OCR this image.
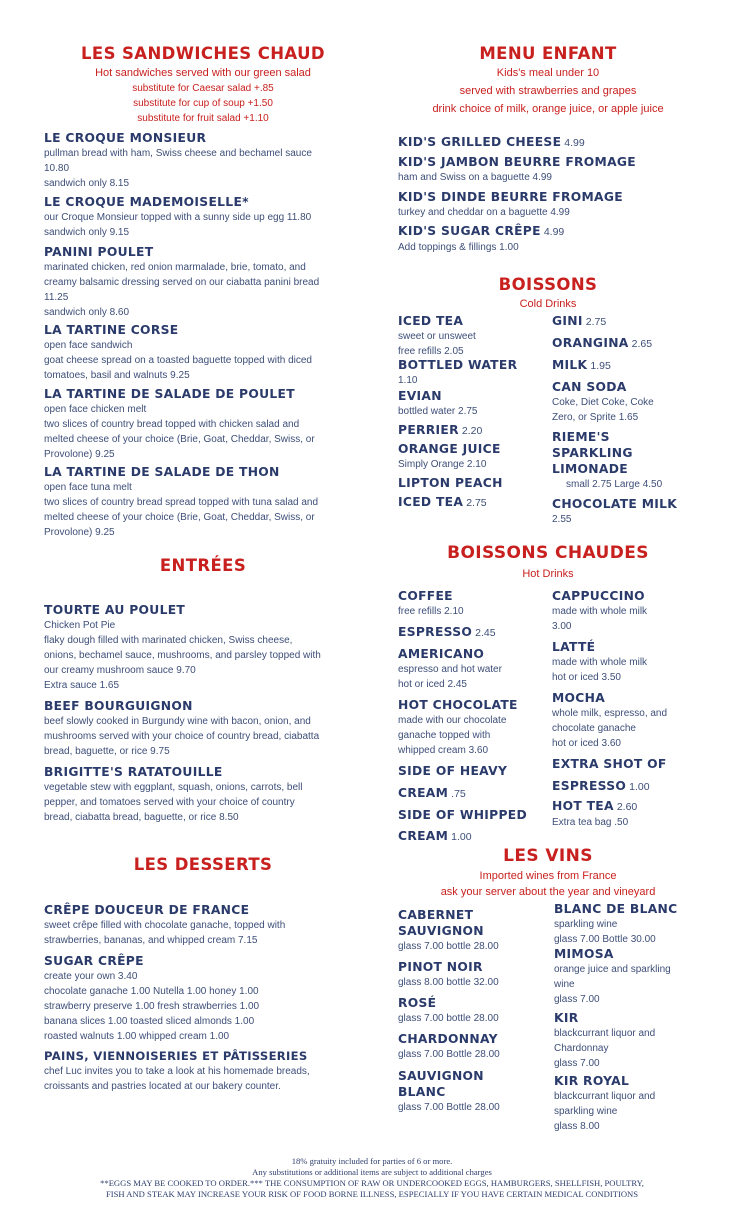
LES SANDWICHES CHAUD
Hot sandwiches served with our green salad
substitute for Caesar salad +.85
substitute for cup of soup +1.50
substitute for fruit salad +1.10
LE CROQUE MONSIEUR
pullman bread with ham, Swiss cheese and bechamel sauce
10.80
sandwich only 8.15
LE CROQUE MADEMOISELLE*
our Croque Monsieur topped with a sunny side up egg 11.80
sandwich only 9.15
PANINI POULET
marinated chicken, red onion marmalade, brie, tomato, and
creamy balsamic dressing served on our ciabatta panini bread
11.25
sandwich only 8.60
LA TARTINE CORSE
open face sandwich
goat cheese spread on a toasted baguette topped with diced
tomatoes, basil and walnuts 9.25
LA TARTINE DE SALADE DE POULET
open face chicken melt
two slices of country bread topped with chicken salad and
melted cheese of your choice (Brie, Goat, Cheddar, Swiss, or
Provolone) 9.25
LA TARTINE DE SALADE DE THON
open face tuna melt
two slices of country bread spread topped with tuna salad and
melted cheese of your choice (Brie, Goat, Cheddar, Swiss, or
Provolone) 9.25
ENTRÉES
TOURTE AU POULET
Chicken Pot Pie
flaky dough filled with marinated chicken, Swiss cheese,
onions, bechamel sauce, mushrooms, and parsley topped with
our creamy mushroom sauce 9.70
Extra sauce 1.65
BEEF BOURGUIGNON
beef slowly cooked in Burgundy wine with bacon, onion, and
mushrooms served with your choice of country bread, ciabatta
bread, baguette, or rice 9.75
BRIGITTE'S RATATOUILLE
vegetable stew with eggplant, squash, onions, carrots, bell
pepper, and tomatoes served with your choice of country
bread, ciabatta bread, baguette, or rice 8.50
LES DESSERTS
CRÊPE DOUCEUR DE FRANCE
sweet crêpe filled with chocolate ganache, topped with
strawberries, bananas, and whipped cream 7.15
SUGAR CRÊPE
create your own 3.40
chocolate ganache 1.00 Nutella 1.00 honey 1.00
strawberry preserve 1.00 fresh strawberries 1.00
banana slices 1.00 toasted sliced almonds 1.00
roasted walnuts 1.00 whipped cream 1.00
PAINS, VIENNOISERIES ET PÂTISSERIES
chef Luc invites you to take a look at his homemade breads,
croissants and pastries located at our bakery counter.
MENU ENFANT
Kids's meal under 10
served with strawberries and grapes
drink choice of milk, orange juice, or apple juice
KID'S GRILLED CHEESE 4.99
KID'S JAMBON BEURRE FROMAGE
ham and Swiss on a baguette 4.99
KID'S DINDE BEURRE FROMAGE
turkey and cheddar on a baguette 4.99
KID'S SUGAR CRÊPE 4.99
Add toppings & fillings 1.00
BOISSONS
Cold Drinks
ICED TEA
sweet or unsweet
free refills 2.05
BOTTLED WATER
1.10
EVIAN
bottled water 2.75
PERRIER 2.20
ORANGE JUICE
Simply Orange 2.10
LIPTON PEACH
ICED TEA 2.75
GINI 2.75
ORANGINA 2.65
MILK 1.95
CAN SODA
Coke, Diet Coke, Coke
Zero, or Sprite 1.65
RIEME'S
SPARKLING
LIMONADE
small 2.75 Large 4.50
CHOCOLATE MILK
2.55
BOISSONS CHAUDES
Hot Drinks
COFFEE
free refills 2.10
ESPRESSO 2.45
AMERICANO
espresso and hot water
hot or iced 2.45
HOT CHOCOLATE
made with our chocolate
ganache topped with
whipped cream 3.60
SIDE OF HEAVY
CREAM .75
SIDE OF WHIPPED
CREAM 1.00
CAPPUCCINO
made with whole milk
3.00
LATTÉ
made with whole milk
hot or iced 3.50
MOCHA
whole milk, espresso, and
chocolate ganache
hot or iced 3.60
EXTRA SHOT OF
ESPRESSO 1.00
HOT TEA 2.60
Extra tea bag .50
LES VINS
Imported wines from France
ask your server about the year and vineyard
CABERNET
SAUVIGNON
glass 7.00 bottle 28.00
PINOT NOIR
glass 8.00 bottle 32.00
ROSÉ
glass 7.00 bottle 28.00
CHARDONNAY
glass 7.00 Bottle 28.00
SAUVIGNON
BLANC
glass 7.00 Bottle 28.00
BLANC DE BLANC
sparkling wine
glass 7.00 Bottle 30.00
MIMOSA
orange juice and sparkling
wine
glass 7.00
KIR
blackcurrant liquor and
Chardonnay
glass 7.00
KIR ROYAL
blackcurrant liquor and
sparkling wine
glass 8.00
18% gratuity included for parties of 6 or more.
Any substitutions or additional items are subject to additional charges
**EGGS MAY BE COOKED TO ORDER.*** THE CONSUMPTION OF RAW OR UNDERCOOKED EGGS, HAMBURGERS, SHELLFISH, POULTRY,
FISH AND STEAK MAY INCREASE YOUR RISK OF FOOD BORNE ILLNESS, ESPECIALLY IF YOU HAVE CERTAIN MEDICAL CONDITIONS
